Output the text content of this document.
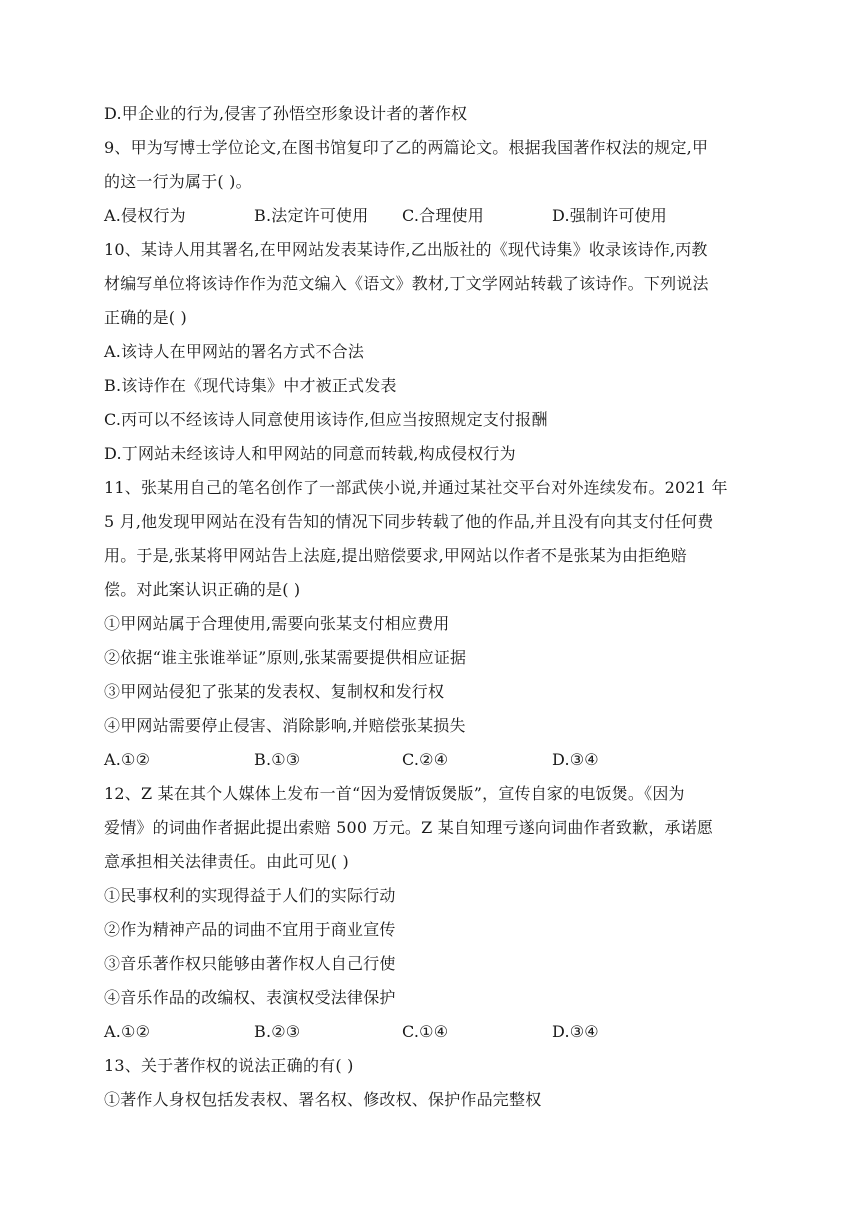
D.甲企业的行为,侵害了孙悟空形象设计者的著作权
9、甲为写博士学位论文,在图书馆复印了乙的两篇论文。根据我国著作权法的规定,甲
的这一行为属于( )。
A.侵权行为	B.法定许可使用 C.合理使用	D.强制许可使用
10、某诗人用其署名,在甲网站发表某诗作,乙出版社的《现代诗集》收录该诗作,丙教
材编写单位将该诗作作为范文编入《语文》教材,丁文学网站转载了该诗作。下列说法
正确的是( )
A.该诗人在甲网站的署名方式不合法
B.该诗作在《现代诗集》中才被正式发表
C.丙可以不经该诗人同意使用该诗作,但应当按照规定支付报酬
D.丁网站未经该诗人和甲网站的同意而转载,构成侵权行为
11、张某用自己的笔名创作了一部武侠小说,并通过某社交平台对外连续发布。2021 年
5 月,他发现甲网站在没有告知的情况下同步转载了他的作品,并且没有向其支付任何费
用。于是,张某将甲网站告上法庭,提出赔偿要求,甲网站以作者不是张某为由拒绝赔
偿。对此案认识正确的是( )
①甲网站属于合理使用,需要向张某支付相应费用
②依据“谁主张谁举证”原则,张某需要提供相应证据
③甲网站侵犯了张某的发表权、复制权和发行权
④甲网站需要停止侵害、消除影响,并赔偿张某损失
A.①②	B.①③	C.②④	D.③④
12、Z 某在其个人媒体上发布一首“因为爱情饭煲版”，宣传自家的电饭煲。《因为
爱情》的词曲作者据此提出索赔 500 万元。Z 某自知理亏遂向词曲作者致歉，承诺愿
意承担相关法律责任。由此可见( )
①民事权利的实现得益于人们的实际行动
②作为精神产品的词曲不宜用于商业宣传
③音乐著作权只能够由著作权人自己行使
④音乐作品的改编权、表演权受法律保护
A.①②	B.②③	C.①④	D.③④
13、关于著作权的说法正确的有( )
①著作人身权包括发表权、署名权、修改权、保护作品完整权
